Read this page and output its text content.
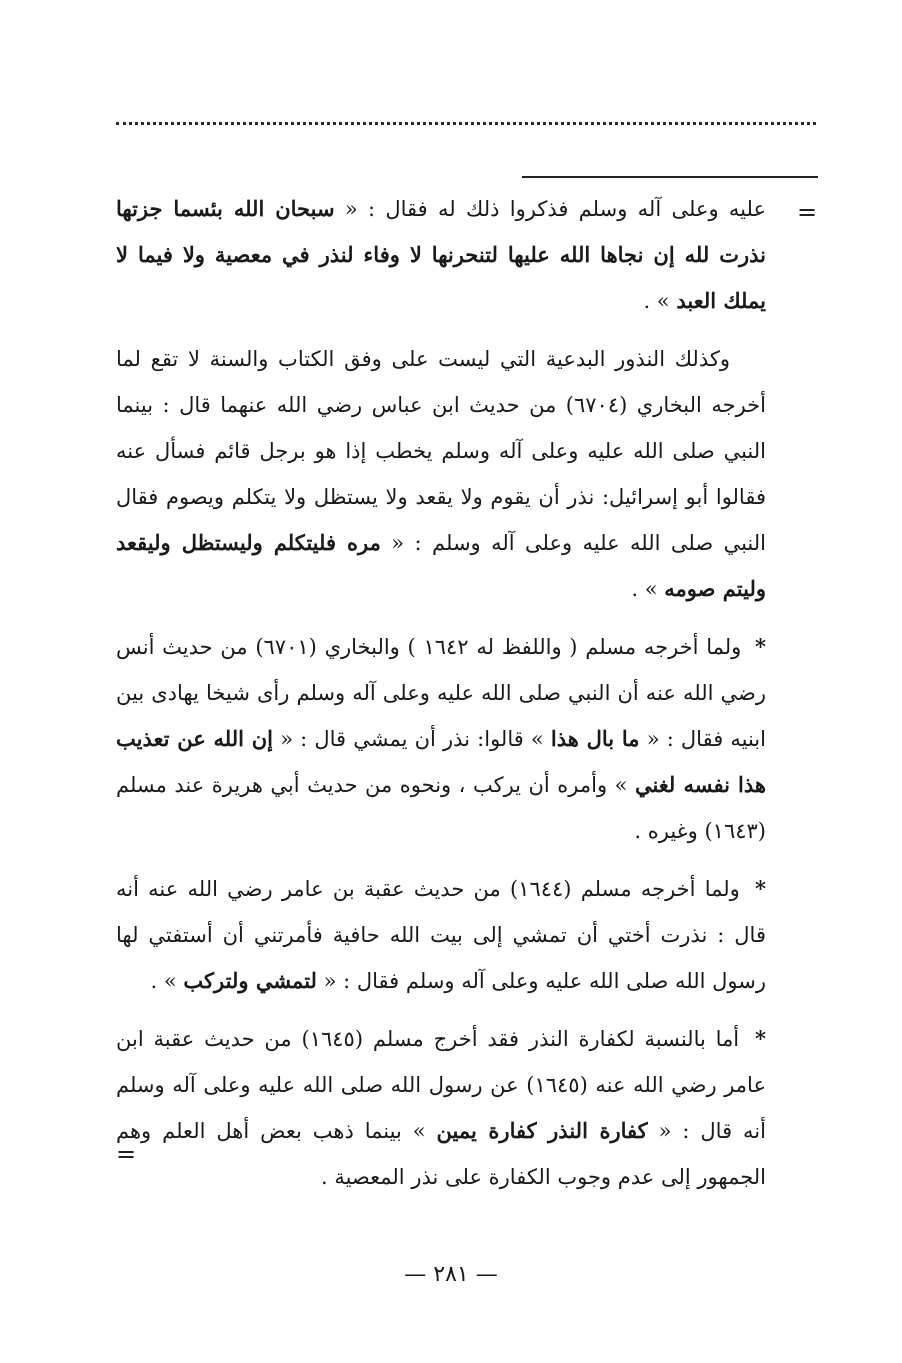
=

عليه وعلى آله وسلم فذكروا ذلك له فقال : « سبحان الله بئسما جزتها نذرت لله إن نجاها الله عليها لتنحرنها لا وفاء لنذر في معصية ولا فيما لا يملك العبد » .

وكذلك النذور البدعية التي ليست على وفق الكتاب والسنة لا تقع لما أخرجه البخاري (٦٧٠٤) من حديث ابن عباس رضي الله عنهما قال : بينما النبي صلى الله عليه وعلى آله وسلم يخطب إذا هو برجل قائم فسأل عنه فقالوا أبو إسرائيل: نذر أن يقوم ولا يقعد ولا يستظل ولا يتكلم ويصوم فقال النبي صلى الله عليه وعلى آله وسلم : « مره فليتكلم وليستظل وليقعد وليتم صومه » .

* ولما أخرجه مسلم ( واللفظ له ١٦٤٢ ) والبخاري (٦٧٠١) من حديث أنس رضي الله عنه أن النبي صلى الله عليه وعلى آله وسلم رأى شيخا يهادى بين ابنيه فقال : « ما بال هذا » قالوا: نذر أن يمشي قال : « إن الله عن تعذيب هذا نفسه لغني » وأمره أن يركب ، ونحوه من حديث أبي هريرة عند مسلم (١٦٤٣) وغيره .

* ولما أخرجه مسلم (١٦٤٤) من حديث عقبة بن عامر رضي الله عنه أنه قال : نذرت أختي أن تمشي إلى بيت الله حافية فأمرتني أن أستفتي لها رسول الله صلى الله عليه وعلى آله وسلم فقال : « لتمشي ولتركب » .

* أما بالنسبة لكفارة النذر فقد أخرج مسلم (١٦٤٥) من حديث عقبة ابن عامر رضي الله عنه (١٦٤٥) عن رسول الله صلى الله عليه وعلى آله وسلم أنه قال : « كفارة النذر كفارة يمين » بينما ذهب بعض أهل العلم وهم الجمهور إلى عدم وجوب الكفارة على نذر المعصية .

=
— ٢٨١ —
